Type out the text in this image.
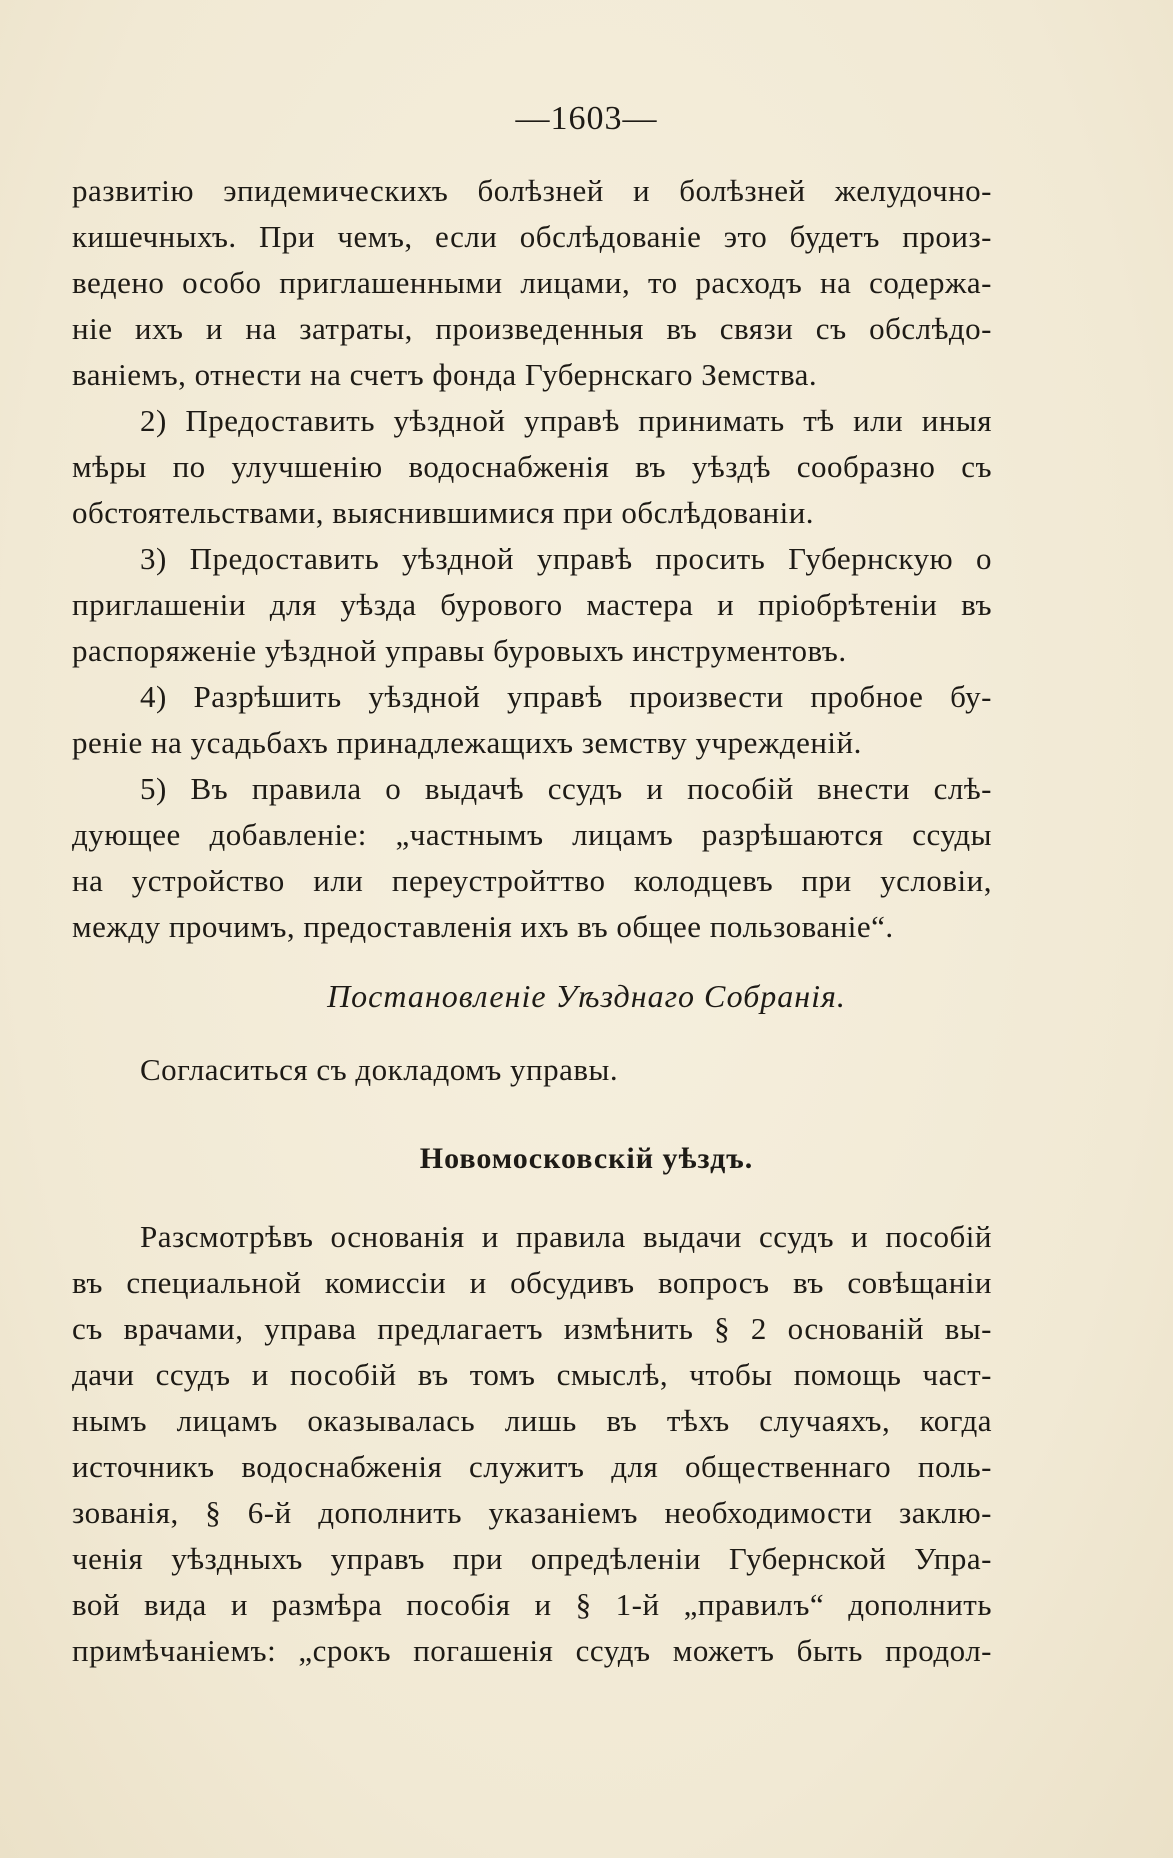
—1603—
развитію эпидемическихъ болѣзней и болѣзней желудочно-
кишечныхъ. При чемъ, если обслѣдованіе это будетъ произ-
ведено особо приглашенными лицами, то расходъ на содержа-
ніе ихъ и на затраты, произведенныя въ связи съ обслѣдо-
ваніемъ, отнести на счетъ фонда Губернскаго Земства.
2) Предоставить уѣздной управѣ принимать тѣ или иныя
мѣры по улучшенію водоснабженія въ уѣздѣ сообразно съ
обстоятельствами, выяснившимися при обслѣдованіи.
3) Предоставить уѣздной управѣ просить Губернскую о
приглашеніи для уѣзда бурового мастера и пріобрѣтеніи въ
распоряженіе уѣздной управы буровыхъ инструментовъ.
4) Разрѣшить уѣздной управѣ произвести пробное бу-
реніе на усадьбахъ принадлежащихъ земству учрежденій.
5) Въ правила о выдачѣ ссудъ и пособій внести слѣ-
дующее добавленіе: „частнымъ лицамъ разрѣшаются ссуды
на устройство или переустройттво колодцевъ при условіи,
между прочимъ, предоставленія ихъ въ общее пользованіе“.
Постановленіе Уѣзднаго Собранія.
Согласиться съ докладомъ управы.
Новомосковскій уѣздъ.
Разсмотрѣвъ основанія и правила выдачи ссудъ и пособій
въ специальной комиссіи и обсудивъ вопросъ въ совѣщаніи
съ врачами, управа предлагаетъ измѣнить § 2 основаній вы-
дачи ссудъ и пособій въ томъ смыслѣ, чтобы помощь част-
нымъ лицамъ оказывалась лишь въ тѣхъ случаяхъ, когда
источникъ водоснабженія служитъ для общественнаго поль-
зованія, § 6-й дополнить указаніемъ необходимости заклю-
ченія уѣздныхъ управъ при опредѣленіи Губернской Упра-
вой вида и размѣра пособія и § 1-й „правилъ“ дополнить
примѣчаніемъ: „срокъ погашенія ссудъ можетъ быть продол-
